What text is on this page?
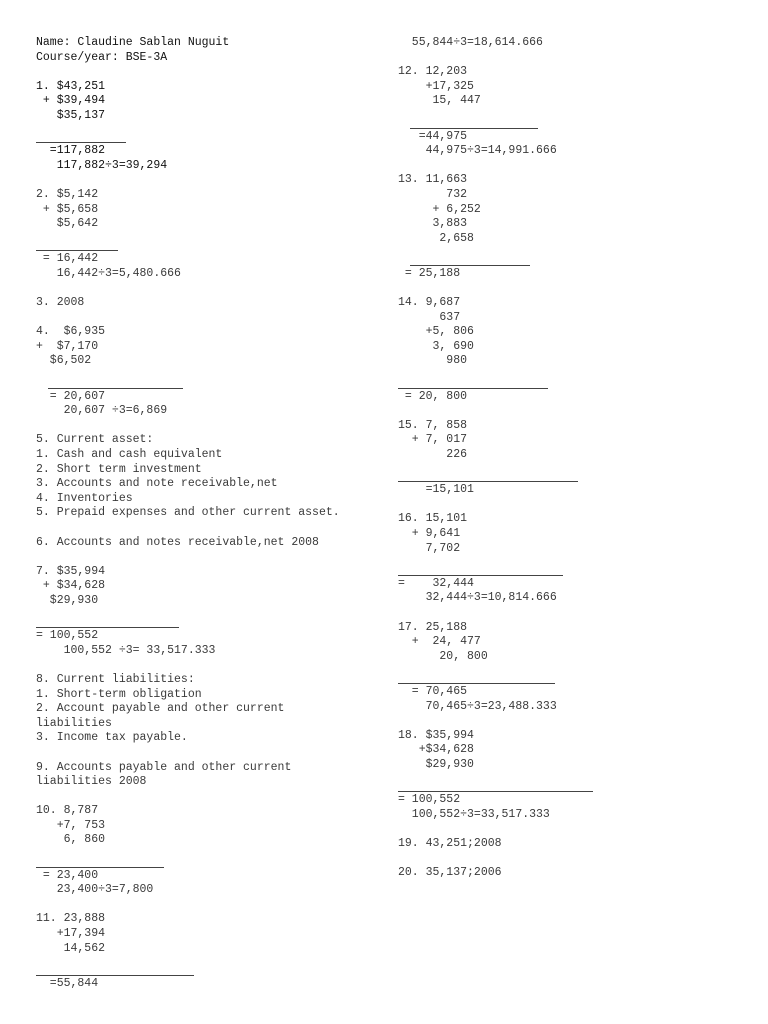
Name: Claudine Sablan Nuguit
Course/year: BSE-3A
1. $43,251
+ $39,494
$35,137
=117,882
117,882÷3=39,294
2. $5,142
+ $5,658
$5,642
= 16,442
16,442÷3=5,480.666
3. 2008
4.  $6,935
+  $7,170
$6,502
= 20,607
20,607 ÷3=6,869
5. Current asset:
1. Cash and cash equivalent
2. Short term investment
3. Accounts and note receivable,net
4. Inventories
5. Prepaid expenses and other current asset.
6. Accounts and notes receivable,net 2008
7. $35,994
+ $34,628
$29,930
= 100,552
100,552 ÷3= 33,517.333
8. Current liabilities:
1. Short-term obligation
2. Account payable and other current
liabilities
3. Income tax payable.
9. Accounts payable and other current
liabilities 2008
10. 8,787
+7, 753
6, 860
= 23,400
23,400÷3=7,800
11. 23,888
+17,394
14,562
=55,844
55,844÷3=18,614.666
12. 12,203
+17,325
15, 447
=44,975
44,975÷3=14,991.666
13. 11,663
732
+ 6,252
3,883
2,658
= 25,188
14. 9,687
637
+5, 806
3, 690
980
= 20, 800
15. 7, 858
+ 7, 017
226
=15,101
16. 15,101
+ 9,641
7,702
=    32,444
32,444÷3=10,814.666
17. 25,188
+  24, 477
20, 800
= 70,465
70,465÷3=23,488.333
18. $35,994
+$34,628
$29,930
= 100,552
100,552÷3=33,517.333
19. 43,251;2008
20. 35,137;2006
